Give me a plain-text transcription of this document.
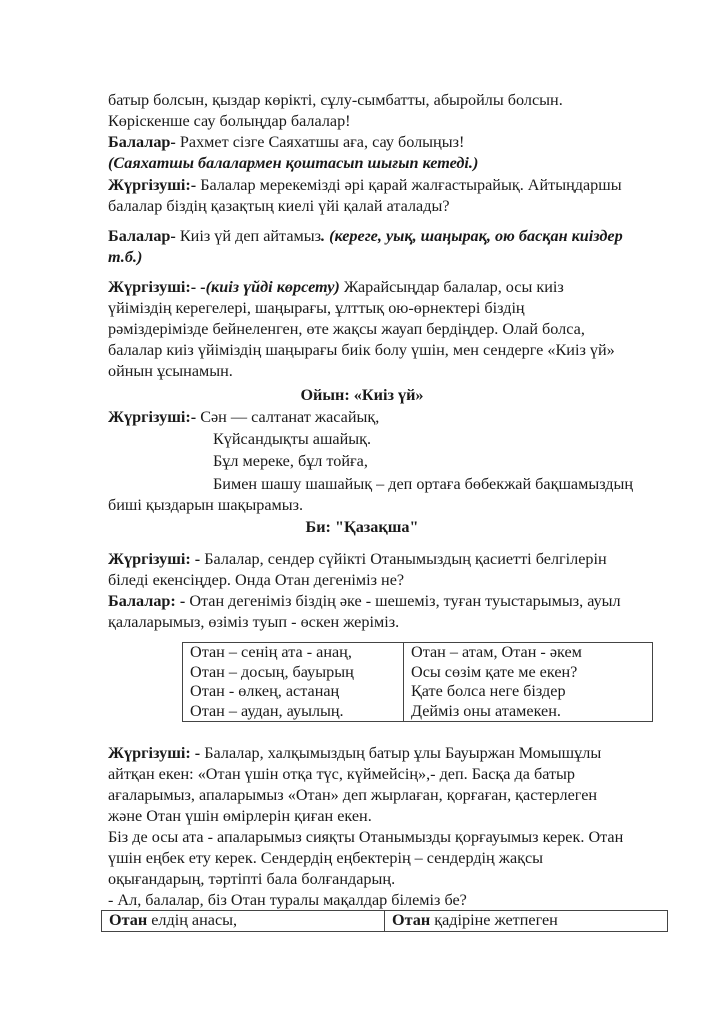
батыр болсын, қыздар көрікті, сұлу-сымбатты, абыройлы болсын.
Көріскенше сау болыңдар балалар!
Балалар- Рахмет сізге Саяхатшы аға, сау болыңыз!
(Саяхатшы балалармен қоштасып шығып кетеді.)
Жүргізуші:- Балалар мерекемізді әрі қарай жалғастырайық. Айтыңдаршы
балалар біздің қазақтың киелі үйі қалай аталады?
Балалар- Киіз үй деп айтамыз. (кереге, уық, шаңырақ, ою басқан киіздер
т.б.)
Жүргізуші:- -(киіз үйді көрсету) Жарайсыңдар балалар, осы киіз
үйіміздің керегелері, шаңырағы, ұлттық ою-өрнектері біздің
рәміздерімізде бейнеленген, өте жақсы жауап бердіңдер. Олай болса,
балалар киіз үйіміздің шаңырағы биік болу үшін, мен сендерге «Киіз үй»
ойнын ұсынамын.
Ойын: «Киіз үй»
Жүргізуші:- Сән — салтанат жасайық,
Күйсандықты ашайық.
Бұл мереке, бұл тойға,
Бимен шашу шашайық – деп ортаға бөбекжай бақшамыздың
биші қыздарын шақырамыз.
Би: "Қазақша"
Жүргізуші: - Балалар, сендер сүйікті Отанымыздың қасиетті белгілерін
біледі екенсіңдер. Онда Отан дегеніміз не?
Балалар: - Отан дегеніміз біздің әке - шешеміз, туған туыстарымыз, ауыл
қалаларымыз, өзіміз туып - өскен жеріміз.
Отан – сенің ата - анаң,
Отан – досың, бауырың
Отан - өлкең, астанаң
Отан – аудан, ауылың.

Отан – атам, Отан - әкем
Осы сөзім қате ме екен?
Қате болса неге біздер
Дейміз оны атамекен.
Жүргізуші: - Балалар, халқымыздың батыр ұлы Бауыржан Момышұлы
айтқан екен: «Отан үшін отқа түс, күймейсің»,- деп. Басқа да батыр
ағаларымыз, апаларымыз «Отан» деп жырлаған, қорғаған, қастерлеген
және Отан үшін өмірлерін қиған екен.
Біз де осы ата - апаларымыз сияқты Отанымызды қорғауымыз керек. Отан
үшін еңбек ету керек. Сендердің еңбектерің – сендердің жақсы
оқығандарың, тәртіпті бала болғандарың.
- Ал, балалар, біз Отан туралы мақалдар білеміз бе?
Отан елдің анасы,	Отан қадіріне жетпеген
